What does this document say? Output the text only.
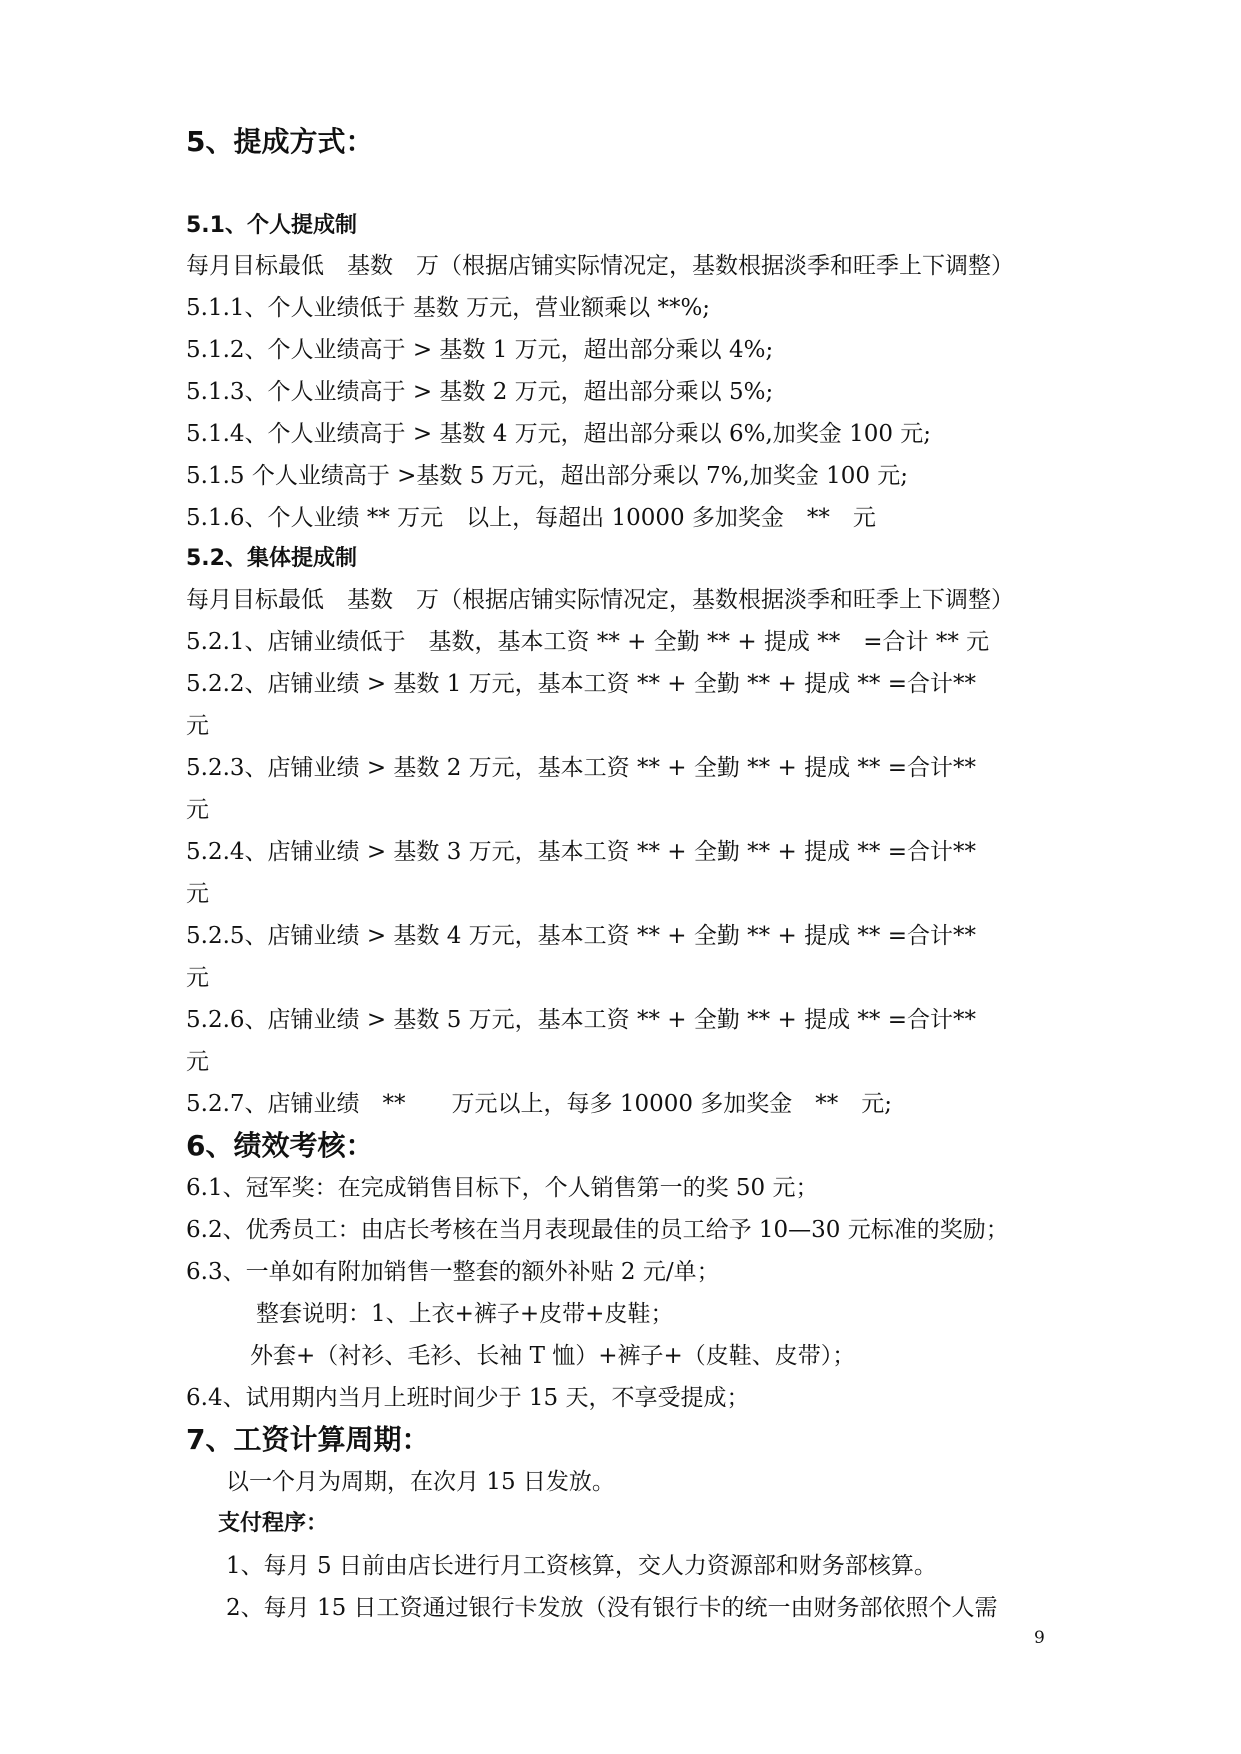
5、提成方式：
5.1、个人提成制
每月目标最低　基数　万（根据店铺实际情况定，基数根据淡季和旺季上下调整）
5.1.1、个人业绩低于 基数 万元，营业额乘以 **%;
5.1.2、个人业绩高于 > 基数 1 万元，超出部分乘以 4%;
5.1.3、个人业绩高于 > 基数 2 万元，超出部分乘以 5%;
5.1.4、个人业绩高于 > 基数 4 万元，超出部分乘以 6%,加奖金 100 元;
5.1.5 个人业绩高于 >基数 5 万元，超出部分乘以 7%,加奖金 100 元;
5.1.6、个人业绩 ** 万元　以上，每超出 10000 多加奖金　**　元
5.2、集体提成制
每月目标最低　基数　万（根据店铺实际情况定，基数根据淡季和旺季上下调整）
5.2.1、店铺业绩低于　基数，基本工资 ** + 全勤 ** + 提成 **　=合计 ** 元
5.2.2、店铺业绩 > 基数 1 万元，基本工资 ** + 全勤 ** + 提成 ** =合计**
元
5.2.3、店铺业绩 > 基数 2 万元，基本工资 ** + 全勤 ** + 提成 ** =合计**
元
5.2.4、店铺业绩 > 基数 3 万元，基本工资 ** + 全勤 ** + 提成 ** =合计**
元
5.2.5、店铺业绩 > 基数 4 万元，基本工资 ** + 全勤 ** + 提成 ** =合计**
元
5.2.6、店铺业绩 > 基数 5 万元，基本工资 ** + 全勤 ** + 提成 ** =合计**
元
5.2.7、店铺业绩　**　　万元以上，每多 10000 多加奖金　**　元;
6、绩效考核：
6.1、冠军奖：在完成销售目标下，个人销售第一的奖 50 元；
6.2、优秀员工：由店长考核在当月表现最佳的员工给予 10—30 元标准的奖励；
6.3、一单如有附加销售一整套的额外补贴 2 元/单；
整套说明：1、上衣+裤子+皮带+皮鞋；
外套+（衬衫、毛衫、长袖 T 恤）+裤子+（皮鞋、皮带）；
6.4、试用期内当月上班时间少于 15 天，不享受提成；
7、工资计算周期：
以一个月为周期，在次月 15 日发放。
支付程序：
1、每月 5 日前由店长进行月工资核算，交人力资源部和财务部核算。
2、每月 15 日工资通过银行卡发放（没有银行卡的统一由财务部依照个人需
9
